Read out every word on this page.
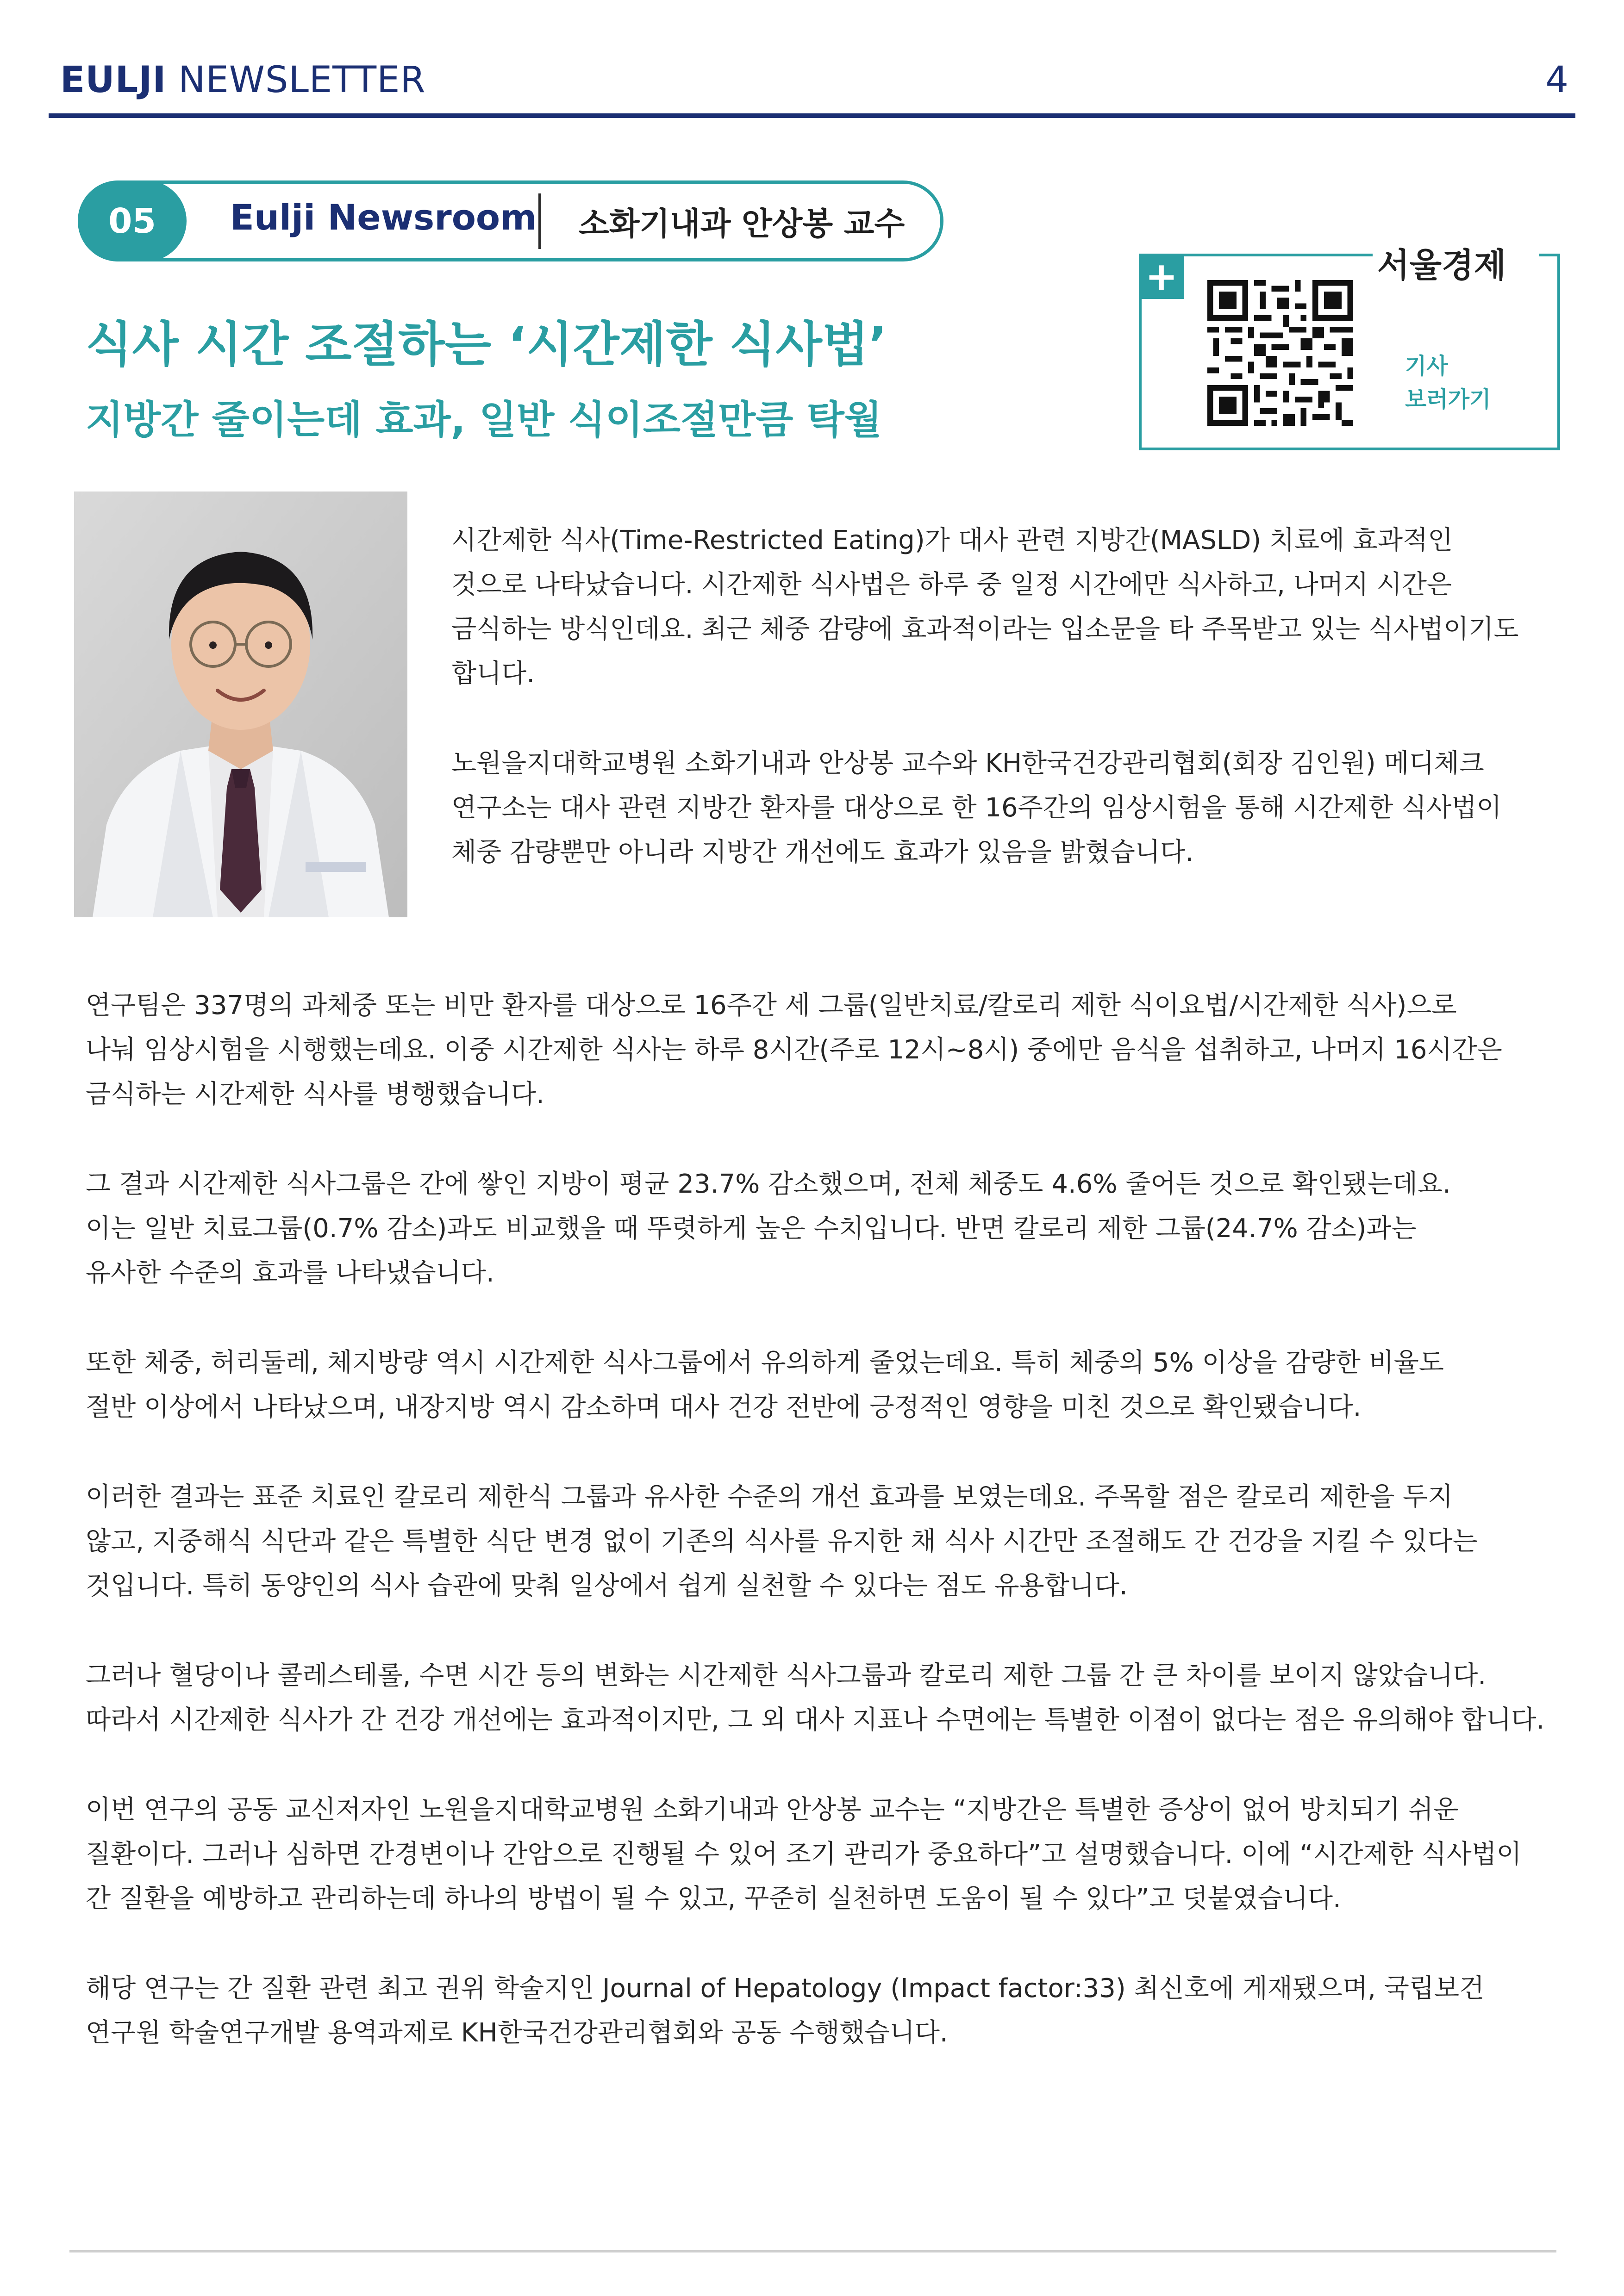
EULJI NEWSLETTER	4
05	Eulji Newsroom 소화기내과 안상봉 교수
식사 시간 조절하는 ‘시간제한 식사법’
지방간 줄이는데 효과, 일반 식이조절만큼 탁월
서울경제
+
기사
보러가기
시간제한 식사(Time-Restricted Eating)가 대사 관련 지방간(MASLD) 치료에 효과적인
것으로 나타났습니다. 시간제한 식사법은 하루 중 일정 시간에만 식사하고, 나머지 시간은
금식하는 방식인데요. 최근 체중 감량에 효과적이라는 입소문을 타 주목받고 있는 식사법이기도
합니다.
노원을지대학교병원 소화기내과 안상봉 교수와 KH한국건강관리협회(회장 김인원) 메디체크
연구소는 대사 관련 지방간 환자를 대상으로 한 16주간의 임상시험을 통해 시간제한 식사법이
체중 감량뿐만 아니라 지방간 개선에도 효과가 있음을 밝혔습니다.
연구팀은 337명의 과체중 또는 비만 환자를 대상으로 16주간 세 그룹(일반치료/칼로리 제한 식이요법/시간제한 식사)으로
나눠 임상시험을 시행했는데요. 이중 시간제한 식사는 하루 8시간(주로 12시~8시) 중에만 음식을 섭취하고, 나머지 16시간은
금식하는 시간제한 식사를 병행했습니다.
그 결과 시간제한 식사그룹은 간에 쌓인 지방이 평균 23.7% 감소했으며, 전체 체중도 4.6% 줄어든 것으로 확인됐는데요.
이는 일반 치료그룹(0.7% 감소)과도 비교했을 때 뚜렷하게 높은 수치입니다. 반면 칼로리 제한 그룹(24.7% 감소)과는
유사한 수준의 효과를 나타냈습니다.
또한 체중, 허리둘레, 체지방량 역시 시간제한 식사그룹에서 유의하게 줄었는데요. 특히 체중의 5% 이상을 감량한 비율도
절반 이상에서 나타났으며, 내장지방 역시 감소하며 대사 건강 전반에 긍정적인 영향을 미친 것으로 확인됐습니다.
이러한 결과는 표준 치료인 칼로리 제한식 그룹과 유사한 수준의 개선 효과를 보였는데요. 주목할 점은 칼로리 제한을 두지
않고, 지중해식 식단과 같은 특별한 식단 변경 없이 기존의 식사를 유지한 채 식사 시간만 조절해도 간 건강을 지킬 수 있다는
것입니다. 특히 동양인의 식사 습관에 맞춰 일상에서 쉽게 실천할 수 있다는 점도 유용합니다.
그러나 혈당이나 콜레스테롤, 수면 시간 등의 변화는 시간제한 식사그룹과 칼로리 제한 그룹 간 큰 차이를 보이지 않았습니다.
따라서 시간제한 식사가 간 건강 개선에는 효과적이지만, 그 외 대사 지표나 수면에는 특별한 이점이 없다는 점은 유의해야 합니다.
이번 연구의 공동 교신저자인 노원을지대학교병원 소화기내과 안상봉 교수는 “지방간은 특별한 증상이 없어 방치되기 쉬운
질환이다. 그러나 심하면 간경변이나 간암으로 진행될 수 있어 조기 관리가 중요하다”고 설명했습니다. 이에 “시간제한 식사법이
간 질환을 예방하고 관리하는데 하나의 방법이 될 수 있고, 꾸준히 실천하면 도움이 될 수 있다”고 덧붙였습니다.
해당 연구는 간 질환 관련 최고 권위 학술지인 Journal of Hepatology (Impact factor:33) 최신호에 게재됐으며, 국립보건
연구원 학술연구개발 용역과제로 KH한국건강관리협회와 공동 수행했습니다.
